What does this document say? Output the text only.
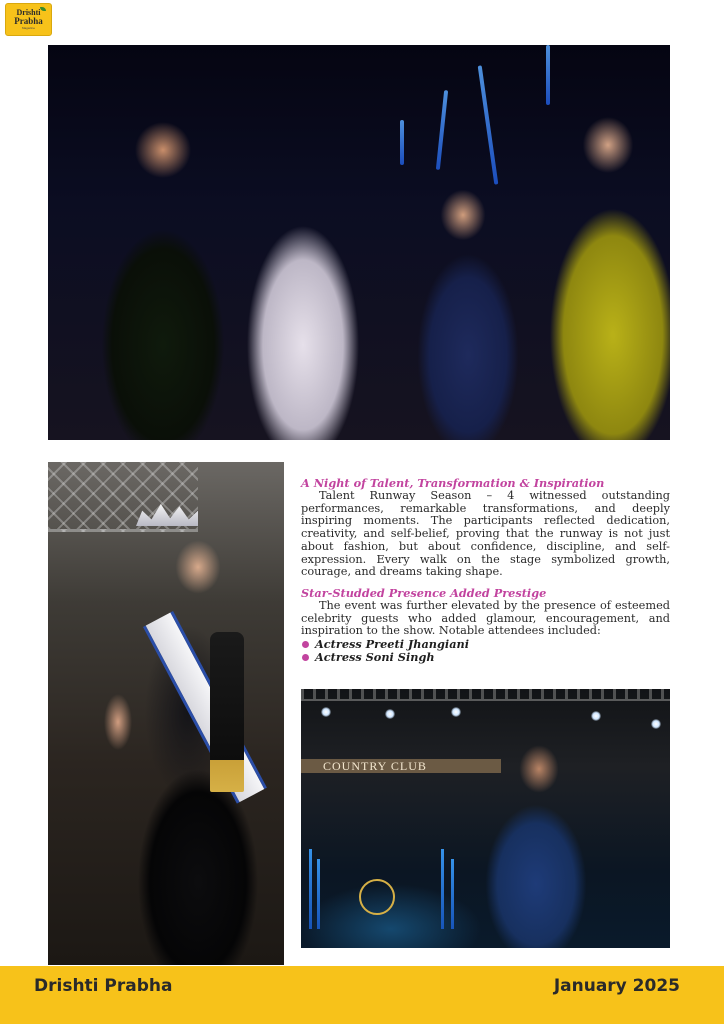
Drishti
Prabha
Magazine
A Night of Talent, Transformation & Inspiration

Talent Runway Season – 4 witnessed outstanding performances, remarkable transformations, and deeply inspiring moments. The participants reflected dedication, creativity, and self-belief, proving that the runway is not just about fashion, but about confidence, discipline, and self-expression. Every walk on the stage symbolized growth, courage, and dreams taking shape.

Star-Studded Presence Added Prestige

The event was further elevated by the presence of esteemed celebrity guests who added glamour, encouragement, and inspiration to the show. Notable attendees included:

Actress Preeti Jhangiani
Actress Soni Singh
COUNTRY CLUB
Drishti Prabha	January 2025
